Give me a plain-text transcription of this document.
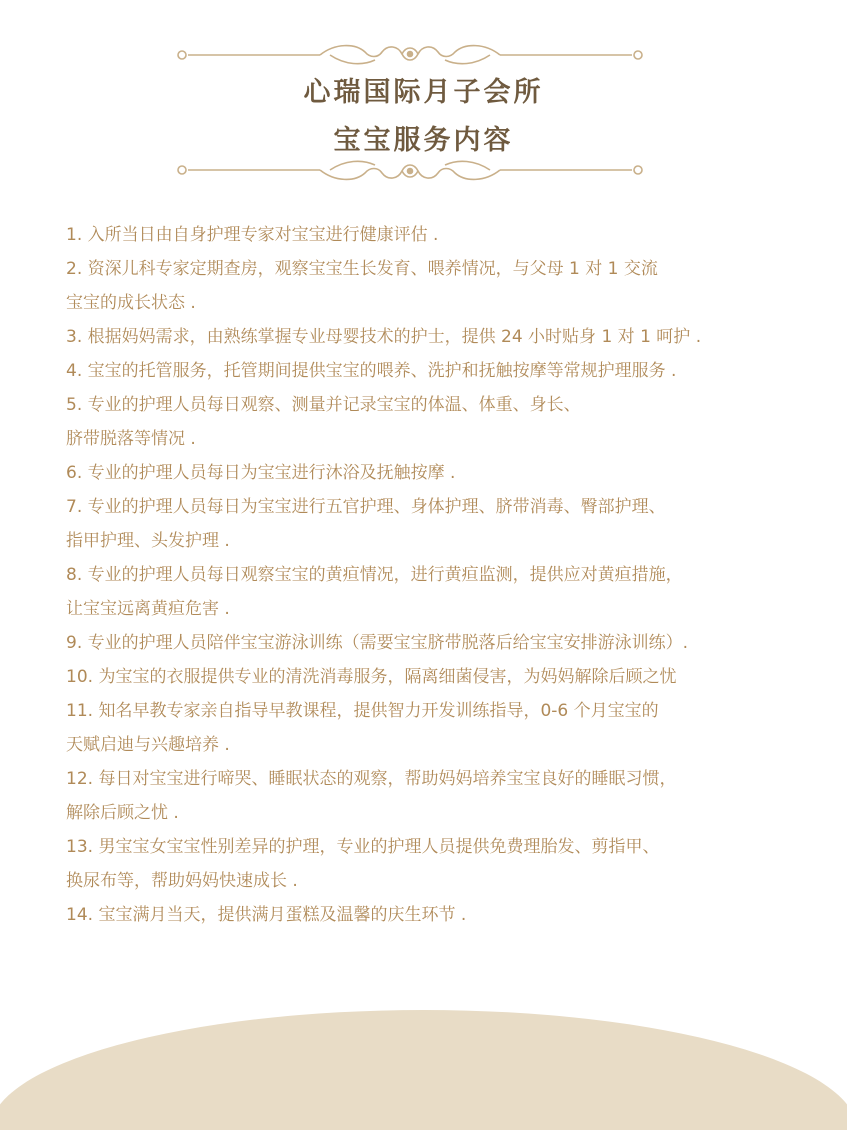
心瑞国际月子会所
宝宝服务内容
1. 入所当日由自身护理专家对宝宝进行健康评估 .
2. 资深儿科专家定期查房，观察宝宝生长发育、喂养情况，与父母 1 对 1 交流
宝宝的成长状态 .
3. 根据妈妈需求，由熟练掌握专业母婴技术的护士，提供 24 小时贴身 1 对 1 呵护 .
4. 宝宝的托管服务，托管期间提供宝宝的喂养、洗护和抚触按摩等常规护理服务 .
5. 专业的护理人员每日观察、测量并记录宝宝的体温、体重、身长、
脐带脱落等情况 .
6. 专业的护理人员每日为宝宝进行沐浴及抚触按摩 .
7. 专业的护理人员每日为宝宝进行五官护理、身体护理、脐带消毒、臀部护理、
指甲护理、头发护理 .
8. 专业的护理人员每日观察宝宝的黄疸情况，进行黄疸监测，提供应对黄疸措施，
让宝宝远离黄疸危害 .
9. 专业的护理人员陪伴宝宝游泳训练（需要宝宝脐带脱落后给宝宝安排游泳训练）.
10. 为宝宝的衣服提供专业的清洗消毒服务，隔离细菌侵害，为妈妈解除后顾之忧
11. 知名早教专家亲自指导早教课程，提供智力开发训练指导，0-6 个月宝宝的
天赋启迪与兴趣培养 .
12. 每日对宝宝进行啼哭、睡眠状态的观察，帮助妈妈培养宝宝良好的睡眠习惯，
解除后顾之忧 .
13. 男宝宝女宝宝性别差异的护理，专业的护理人员提供免费理胎发、剪指甲、
换尿布等，帮助妈妈快速成长 .
14. 宝宝满月当天，提供满月蛋糕及温馨的庆生环节 .
